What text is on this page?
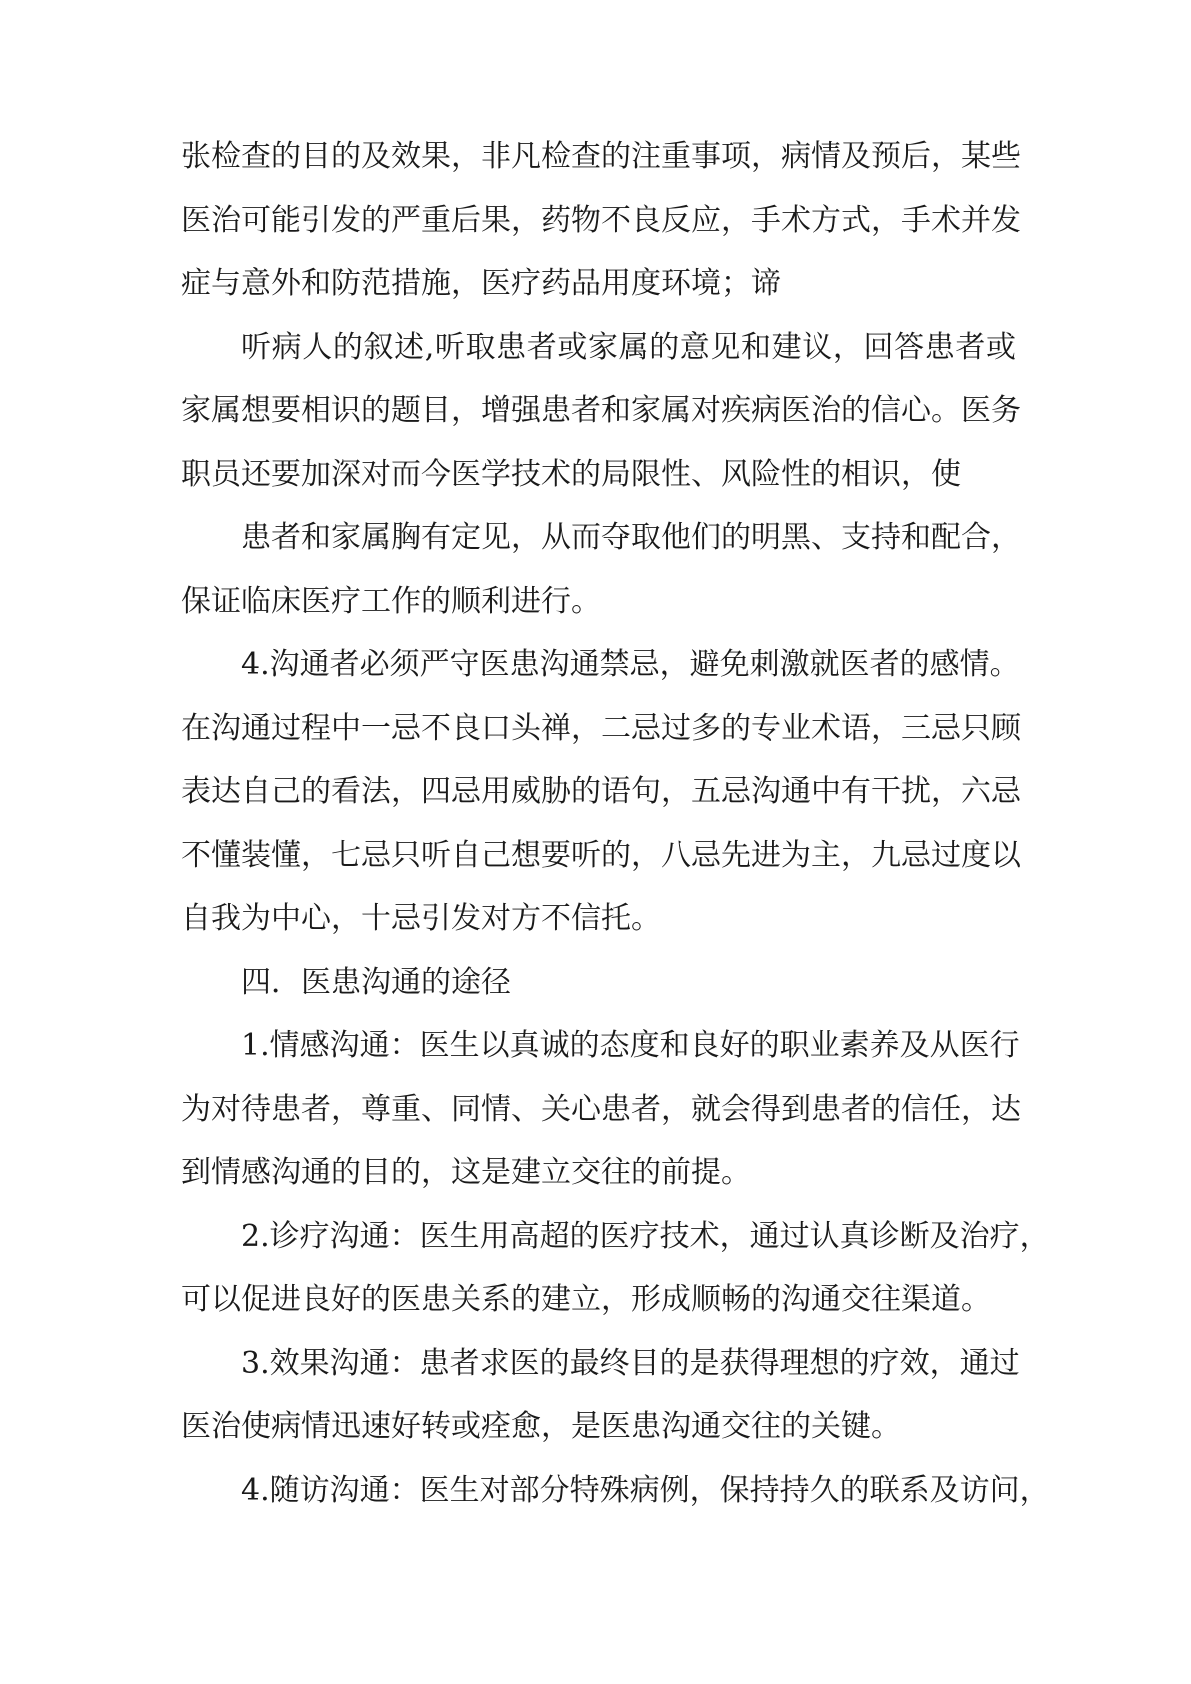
张检查的目的及效果，非凡检查的注重事项，病情及预后，某些
医治可能引发的严重后果，药物不良反应，手术方式，手术并发
症与意外和防范措施，医疗药品用度环境；谛
听病人的叙述,听取患者或家属的意见和建议，回答患者或
家属想要相识的题目，增强患者和家属对疾病医治的信心。医务
职员还要加深对而今医学技术的局限性、风险性的相识，使
患者和家属胸有定见，从而夺取他们的明黑、支持和配合，
保证临床医疗工作的顺利进行。
4.沟通者必须严守医患沟通禁忌，避免刺激就医者的感情。
在沟通过程中一忌不良口头禅，二忌过多的专业术语，三忌只顾
表达自己的看法，四忌用威胁的语句，五忌沟通中有干扰，六忌
不懂装懂，七忌只听自己想要听的，八忌先进为主，九忌过度以
自我为中心，十忌引发对方不信托。
四．医患沟通的途径
1.情感沟通：医生以真诚的态度和良好的职业素养及从医行
为对待患者，尊重、同情、关心患者，就会得到患者的信任，达
到情感沟通的目的，这是建立交往的前提。
2.诊疗沟通：医生用高超的医疗技术，通过认真诊断及治疗，
可以促进良好的医患关系的建立，形成顺畅的沟通交往渠道。
3.效果沟通：患者求医的最终目的是获得理想的疗效，通过
医治使病情迅速好转或痊愈，是医患沟通交往的关键。
4.随访沟通：医生对部分特殊病例，保持持久的联系及访问，
